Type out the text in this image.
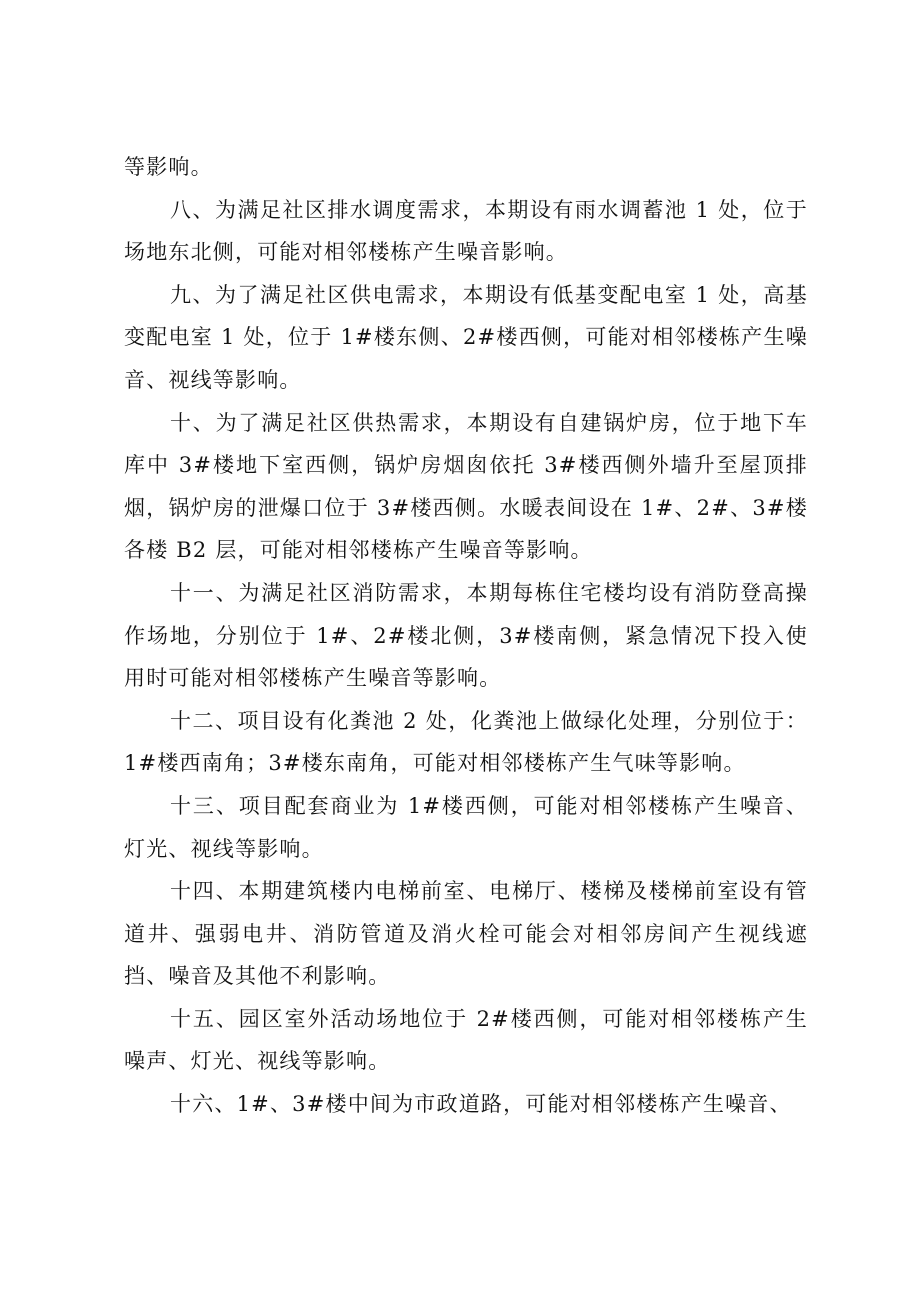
等影响。

八、为满足社区排水调度需求，本期设有雨水调蓄池 1 处，位于场地东北侧，可能对相邻楼栋产生噪音影响。

九、为了满足社区供电需求，本期设有低基变配电室 1 处，高基变配电室 1 处，位于 1#楼东侧、2#楼西侧，可能对相邻楼栋产生噪音、视线等影响。

十、为了满足社区供热需求，本期设有自建锅炉房，位于地下车库中 3#楼地下室西侧，锅炉房烟囱依托 3#楼西侧外墙升至屋顶排烟，锅炉房的泄爆口位于 3#楼西侧。水暖表间设在 1#、2#、3#楼各楼 B2 层，可能对相邻楼栋产生噪音等影响。

十一、为满足社区消防需求，本期每栋住宅楼均设有消防登高操作场地，分别位于 1#、2#楼北侧，3#楼南侧，紧急情况下投入使用时可能对相邻楼栋产生噪音等影响。

十二、项目设有化粪池 2 处，化粪池上做绿化处理，分别位于：1#楼西南角；3#楼东南角，可能对相邻楼栋产生气味等影响。

十三、项目配套商业为 1#楼西侧，可能对相邻楼栋产生噪音、灯光、视线等影响。

十四、本期建筑楼内电梯前室、电梯厅、楼梯及楼梯前室设有管道井、强弱电井、消防管道及消火栓可能会对相邻房间产生视线遮挡、噪音及其他不利影响。

十五、园区室外活动场地位于 2#楼西侧，可能对相邻楼栋产生噪声、灯光、视线等影响。

十六、1#、3#楼中间为市政道路，可能对相邻楼栋产生噪音、
